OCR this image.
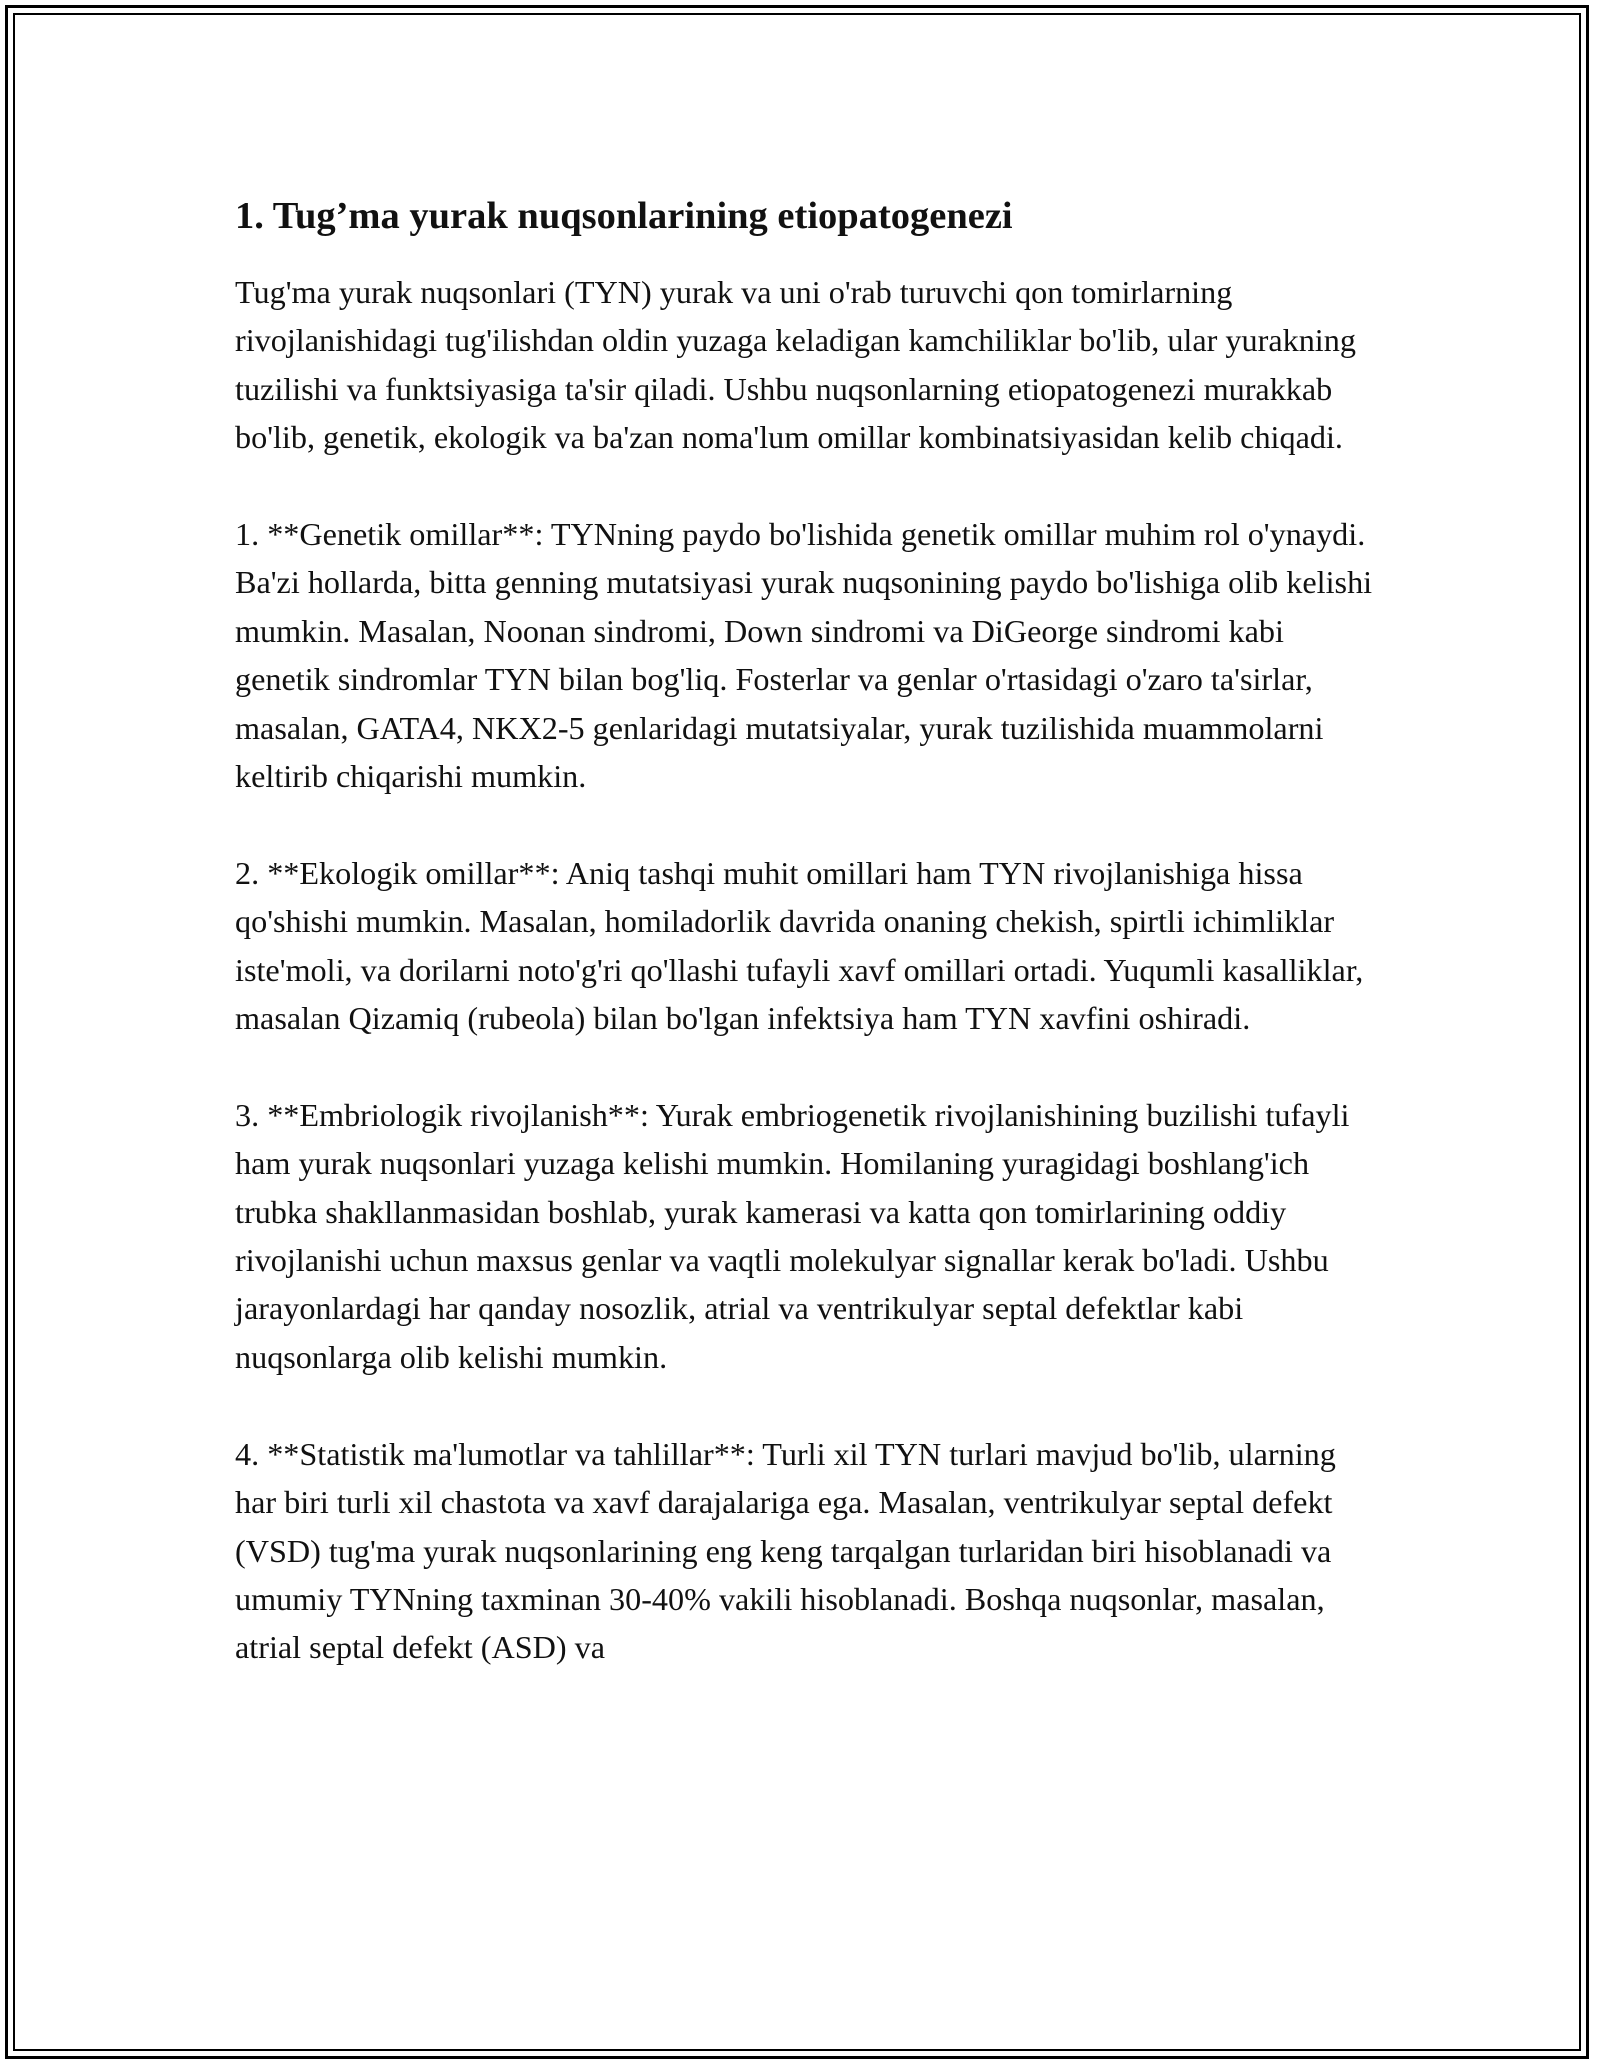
1. Tug’ma yurak nuqsonlarining etiopatogenezi

Tug'ma yurak nuqsonlari (TYN) yurak va uni o'rab turuvchi qon tomirlarning rivojlanishidagi tug'ilishdan oldin yuzaga keladigan kamchiliklar bo'lib, ular yurakning tuzilishi va funktsiyasiga ta'sir qiladi. Ushbu nuqsonlarning etiopatogenezi murakkab bo'lib, genetik, ekologik va ba'zan noma'lum omillar kombinatsiyasidan kelib chiqadi.

1. **Genetik omillar**: TYNning paydo bo'lishida genetik omillar muhim rol o'ynaydi. Ba'zi hollarda, bitta genning mutatsiyasi yurak nuqsonining paydo bo'lishiga olib kelishi mumkin. Masalan, Noonan sindromi, Down sindromi va DiGeorge sindromi kabi genetik sindromlar TYN bilan bog'liq. Fosterlar va genlar o'rtasidagi o'zaro ta'sirlar, masalan, GATA4, NKX2-5 genlaridagi mutatsiyalar, yurak tuzilishida muammolarni keltirib chiqarishi mumkin.

2. **Ekologik omillar**: Aniq tashqi muhit omillari ham TYN rivojlanishiga hissa qo'shishi mumkin. Masalan, homiladorlik davrida onaning chekish, spirtli ichimliklar iste'moli, va dorilarni noto'g'ri qo'llashi tufayli xavf omillari ortadi. Yuqumli kasalliklar, masalan Qizamiq (rubeola) bilan bo'lgan infektsiya ham TYN xavfini oshiradi.

3. **Embriologik rivojlanish**: Yurak embriogenetik rivojlanishining buzilishi tufayli ham yurak nuqsonlari yuzaga kelishi mumkin. Homilaning yuragidagi boshlang'ich trubka shakllanmasidan boshlab, yurak kamerasi va katta qon tomirlarining oddiy rivojlanishi uchun maxsus genlar va vaqtli molekulyar signallar kerak bo'ladi. Ushbu jarayonlardagi har qanday nosozlik, atrial va ventrikulyar septal defektlar kabi nuqsonlarga olib kelishi mumkin.

4. **Statistik ma'lumotlar va tahlillar**: Turli xil TYN turlari mavjud bo'lib, ularning har biri turli xil chastota va xavf darajalariga ega. Masalan, ventrikulyar septal defekt (VSD) tug'ma yurak nuqsonlarining eng keng tarqalgan turlaridan biri hisoblanadi va umumiy TYNning taxminan 30-40% vakili hisoblanadi. Boshqa nuqsonlar, masalan, atrial septal defekt (ASD) va
